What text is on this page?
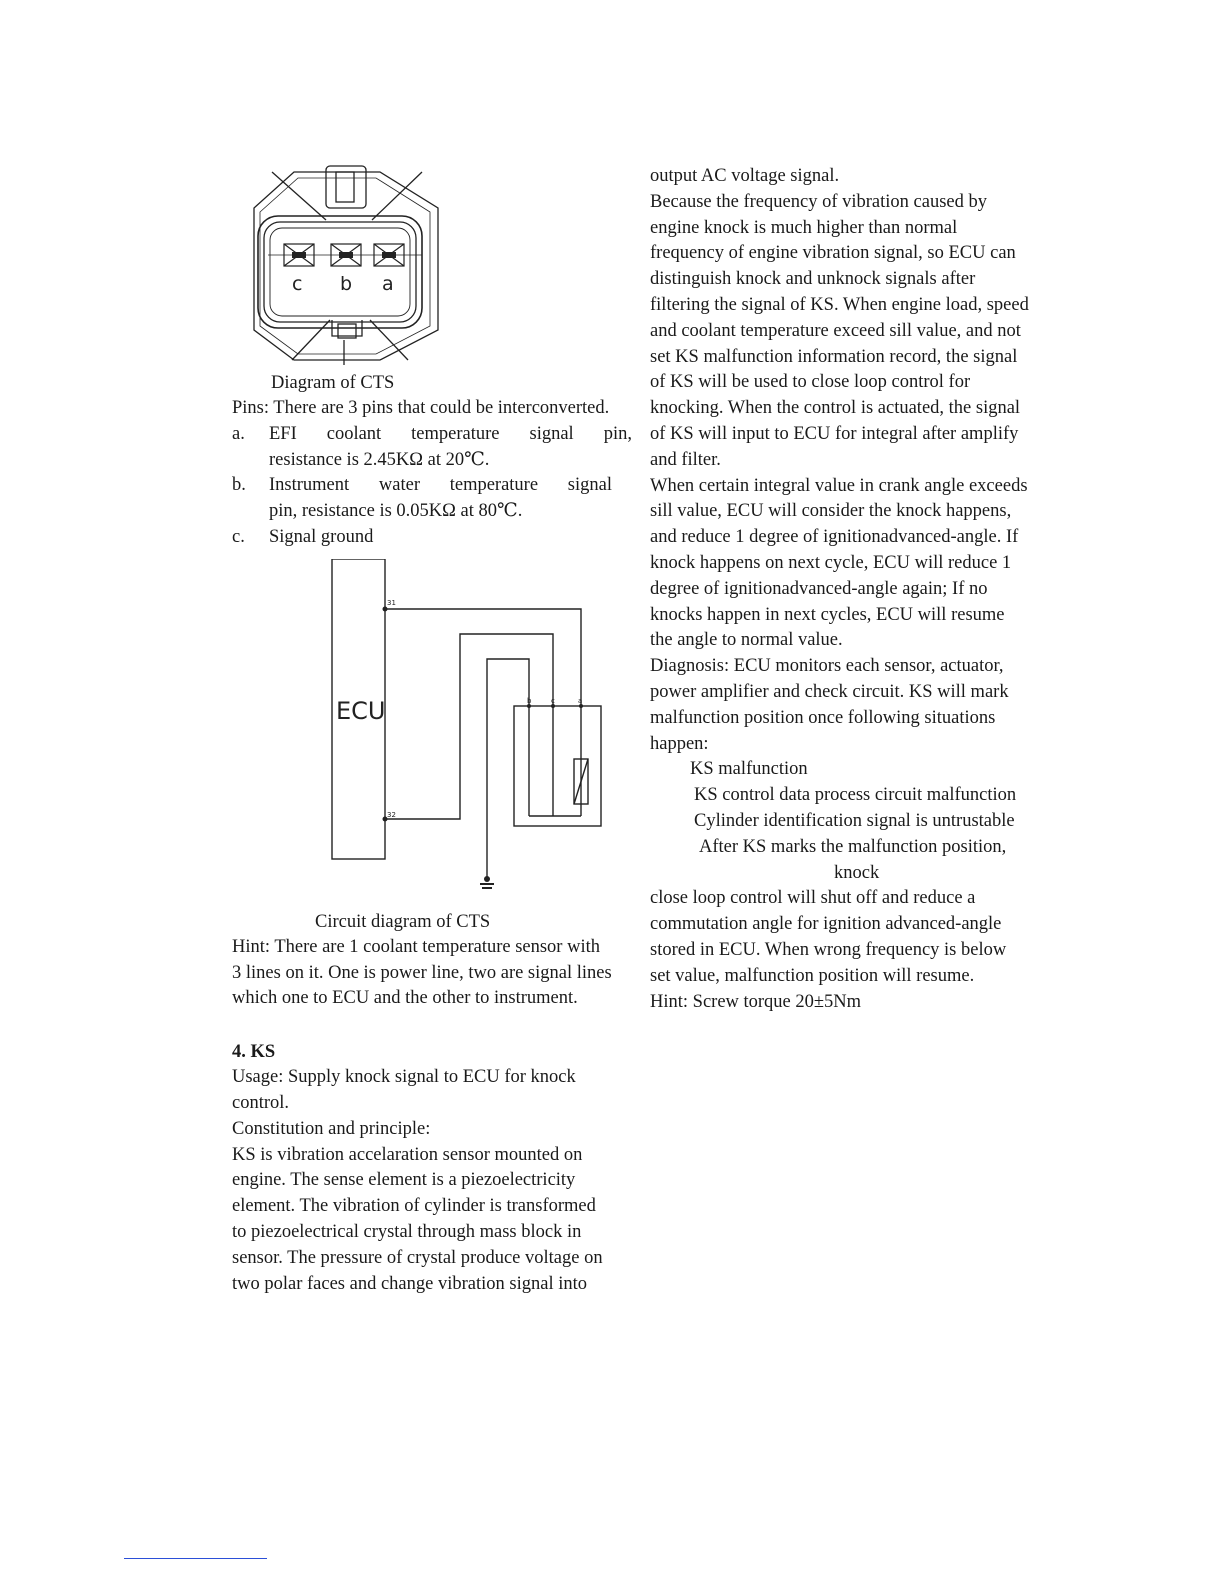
c b a
Diagram of CTS
Pins: There are 3 pins that could be interconverted.
a.	EFI coolant temperature signal pin,
resistance is 2.45KΩ at 20℃.
b.	Instrument water temperature signal
pin, resistance is 0.05KΩ at 80℃.
c.	Signal ground
ECU
31
32
b	c	a
Circuit diagram of CTS
Hint: There are 1 coolant temperature sensor with
3 lines on it. One is power line, two are signal lines
which one to ECU and the other to instrument.
4. KS
Usage: Supply knock signal to ECU for knock
control.
Constitution and principle:
KS is vibration accelaration sensor mounted on
engine. The sense element is a piezoelectricity
element. The vibration of cylinder is transformed
to piezoelectrical crystal through mass block in
sensor. The pressure of crystal produce voltage on
two polar faces and change vibration signal into
output AC voltage signal.
Because the frequency of vibration caused by
engine knock is much higher than normal
frequency of engine vibration signal, so ECU can
distinguish knock and unknock signals after
filtering the signal of KS. When engine load, speed
and coolant temperature exceed sill value, and not
set KS malfunction information record, the signal
of KS will be used to close loop control for
knocking. When the control is actuated, the signal
of KS will input to ECU for integral after amplify
and filter.
When certain integral value in crank angle exceeds
sill value, ECU will consider the knock happens,
and reduce 1 degree of ignitionadvanced-angle. If
knock happens on next cycle, ECU will reduce 1
degree of ignitionadvanced-angle again; If no
knocks happen in next cycles, ECU will resume
the angle to normal value.
Diagnosis: ECU monitors each sensor, actuator,
power amplifier and check circuit. KS will mark
malfunction position once following situations
happen:
KS malfunction
KS control data process circuit malfunction
Cylinder identification signal is untrustable
After KS marks the malfunction position,
knock
close loop control will shut off and reduce a
commutation angle for ignition advanced-angle
stored in ECU. When wrong frequency is below
set value, malfunction position will resume.
Hint: Screw torque 20±5Nm
